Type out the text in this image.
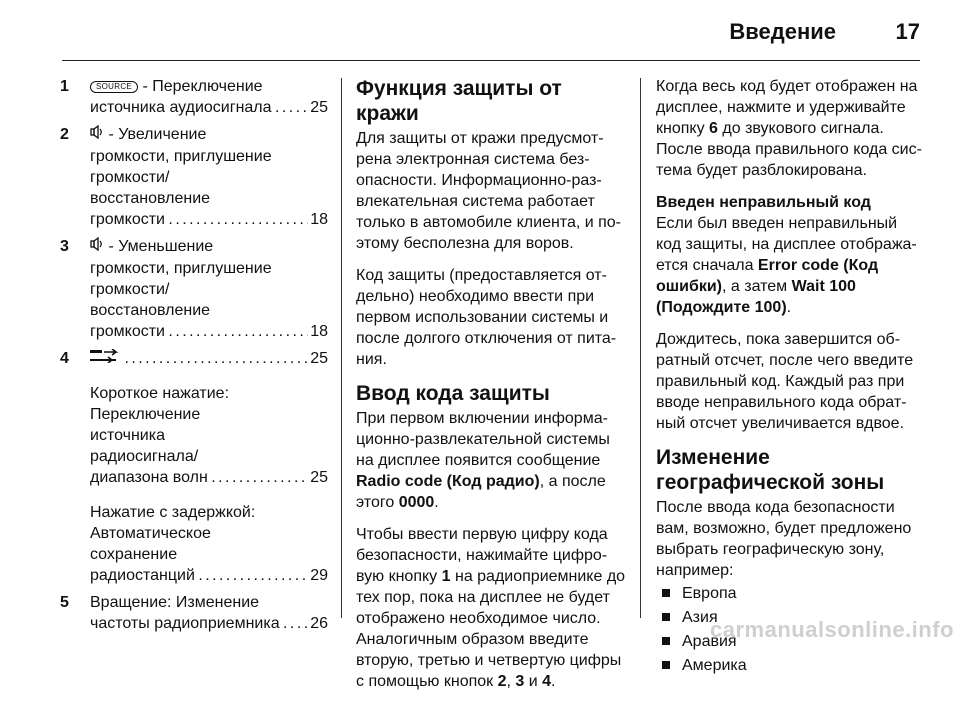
Введение	17
1	SOURCE - Переключение
источника аудиосигнала . . .	25
2	- Увеличение
громкости, приглушение
громкости/
восстановление
громкости . . .	18
3	- Уменьшение
громкости, приглушение
громкости/
восстановление
громкости . . .	18
4 . . .	25
Короткое нажатие:
Переключение
источника
радиосигнала/
диапазона волн . . .	25
Нажатие с задержкой:
Автоматическое
сохранение
радиостанций . . .	29
5 Вращение: Изменение
частоты радиоприемника . . .	26
Функция защиты от кражи

Для защиты от кражи предусмот-рена электронная система без-опасности. Информационно-раз-влекательная система работает только в автомобиле клиента, и по-этому бесполезна для воров.

Код защиты (предоставляется от-дельно) необходимо ввести при первом использовании системы и после долгого отключения от пита-ния.

Ввод кода защиты

При первом включении информа-ционно-развлекательной системы на дисплее появится сообщение Radio code (Код радио), а после этого 0000.

Чтобы ввести первую цифру кода безопасности, нажимайте цифро-вую кнопку 1 на радиоприемнике до тех пор, пока на дисплее не будет отображено необходимое число. Аналогичным образом введите вторую, третью и четвертую цифры с помощью кнопок 2, 3 и 4.

Когда весь код будет отображен на дисплее, нажмите и удерживайте кнопку 6 до звукового сигнала. После ввода правильного кода сис-тема будет разблокирована.

Введен неправильный код

Если был введен неправильный код защиты, на дисплее отобража-ется сначала Error code (Код ошибки), а затем Wait 100 (Подождите 100).

Дождитесь, пока завершится об-ратный отсчет, после чего введите правильный код. Каждый раз при вводе неправильного кода обрат-ный отсчет увеличивается вдвое.

Изменение географической зоны
После ввода кода безопасности вам, возможно, будет предложено выбрать географическую зону, например:
Европа
Азия
Аравия
Америка
carmanualsonline.info
